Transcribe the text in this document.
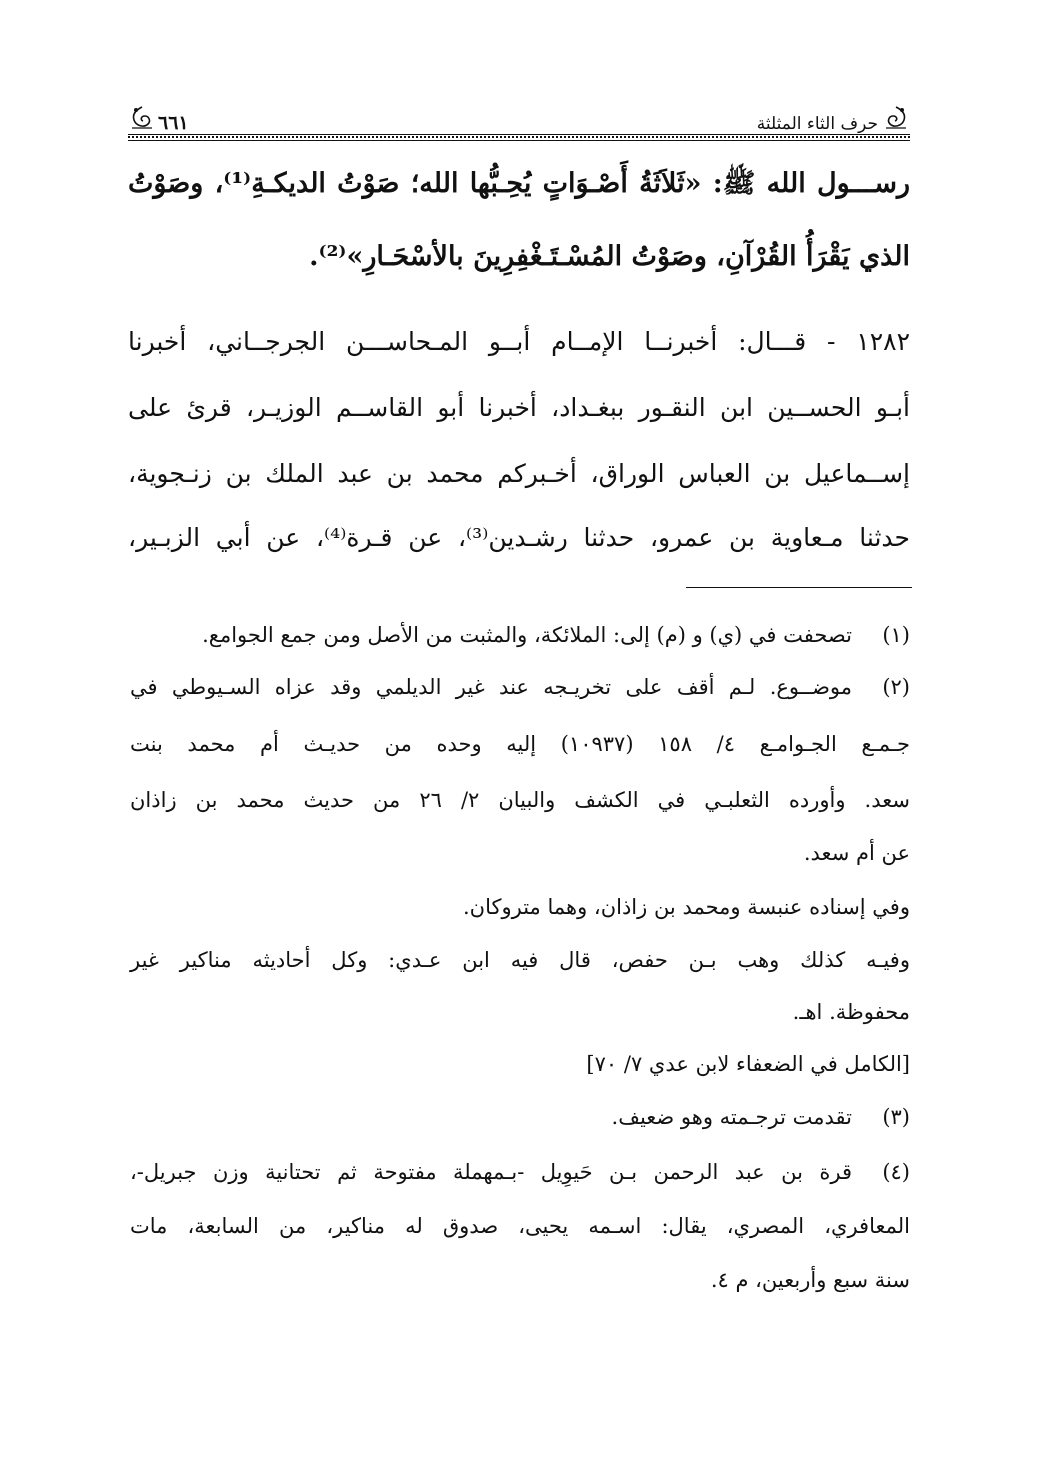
حرف الثاء المثلثة
٦٦١
رســـول الله ﷺ: «ثَلاَثَةُ أَصْـوَاتٍ يُحِـبُّها الله؛ صَوْتُ الديكـةِ⁽¹⁾، وصَوْتُ
الذي يَقْرَأُ القُرْآنِ، وصَوْتُ المُسْـتَـغْفِرِينَ بالأسْحَـارِ»⁽²⁾.
١٢٨٢ - قـــال: أخبرنــا الإمــام أبــو المـحاســـن الجرجــاني، أخبرنا
أبـو الحســين ابن النقـور ببغـداد، أخبرنا أبو القاســم الوزيـر، قرئ على
إســماعيل بن العباس الوراق، أخـبركم محمد بن عبد الملك بن زنـجوية،
حدثنا مـعاوية بن عمرو، حدثنا رشـدين⁽³⁾، عن قـرة⁽⁴⁾، عن أبي الزبـير،
(١)
تصحفت في (ي) و (م) إلى: الملائكة، والمثبت من الأصل ومن جمع الجوامع.
(٢)
موضــوع. لـم أقف على تخريـجه عند غير الديلمي وقد عزاه السـيوطي في
جـمـع الجـوامـع ٤/ ١٥٨ (١٠٩٣٧) إليه وحده من حديـث أم محمد بنت
سعد. وأورده الثعلبـي في الكشف والبيان ٢/ ٢٦ من حديث محمد بن زاذان
عن أم سعد.
وفي إسناده عنبسة ومحمد بن زاذان، وهما متروكان.
وفيـه كذلك وهب بـن حفص، قال فيه ابن عـدي: وكل أحاديثه مناكير غير
محفوظة. اهـ.
[الكامل في الضعفاء لابن عدي ٧/ ٧٠]
(٣)
تقدمت ترجـمته وهو ضعيف.
(٤)
قرة بن عبد الرحمن بـن حَيوِيل -بـمهملة مفتوحة ثم تحتانية وزن جبريل-،
المعافري، المصري، يقال: اسـمه يحيى، صدوق له مناكير، من السابعة، مات
سنة سبع وأربعين، م ٤.
